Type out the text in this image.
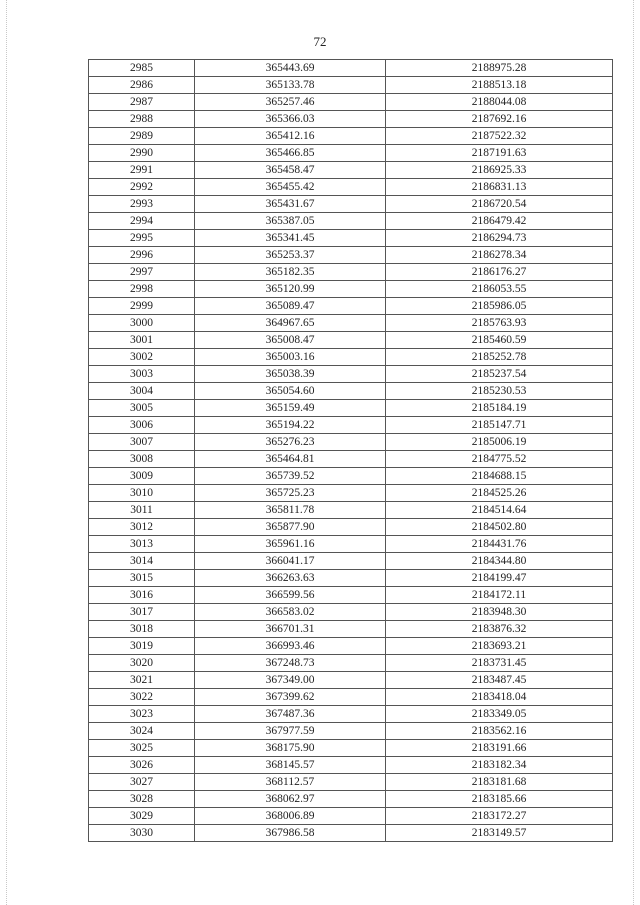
72
2985	365443.69	2188975.28
2986	365133.78	2188513.18
2987	365257.46	2188044.08
2988	365366.03	2187692.16
2989	365412.16	2187522.32
2990	365466.85	2187191.63
2991	365458.47	2186925.33
2992	365455.42	2186831.13
2993	365431.67	2186720.54
2994	365387.05	2186479.42
2995	365341.45	2186294.73
2996	365253.37	2186278.34
2997	365182.35	2186176.27
2998	365120.99	2186053.55
2999	365089.47	2185986.05
3000	364967.65	2185763.93
3001	365008.47	2185460.59
3002	365003.16	2185252.78
3003	365038.39	2185237.54
3004	365054.60	2185230.53
3005	365159.49	2185184.19
3006	365194.22	2185147.71
3007	365276.23	2185006.19
3008	365464.81	2184775.52
3009	365739.52	2184688.15
3010	365725.23	2184525.26
3011	365811.78	2184514.64
3012	365877.90	2184502.80
3013	365961.16	2184431.76
3014	366041.17	2184344.80
3015	366263.63	2184199.47
3016	366599.56	2184172.11
3017	366583.02	2183948.30
3018	366701.31	2183876.32
3019	366993.46	2183693.21
3020	367248.73	2183731.45
3021	367349.00	2183487.45
3022	367399.62	2183418.04
3023	367487.36	2183349.05
3024	367977.59	2183562.16
3025	368175.90	2183191.66
3026	368145.57	2183182.34
3027	368112.57	2183181.68
3028	368062.97	2183185.66
3029	368006.89	2183172.27
3030	367986.58	2183149.57
